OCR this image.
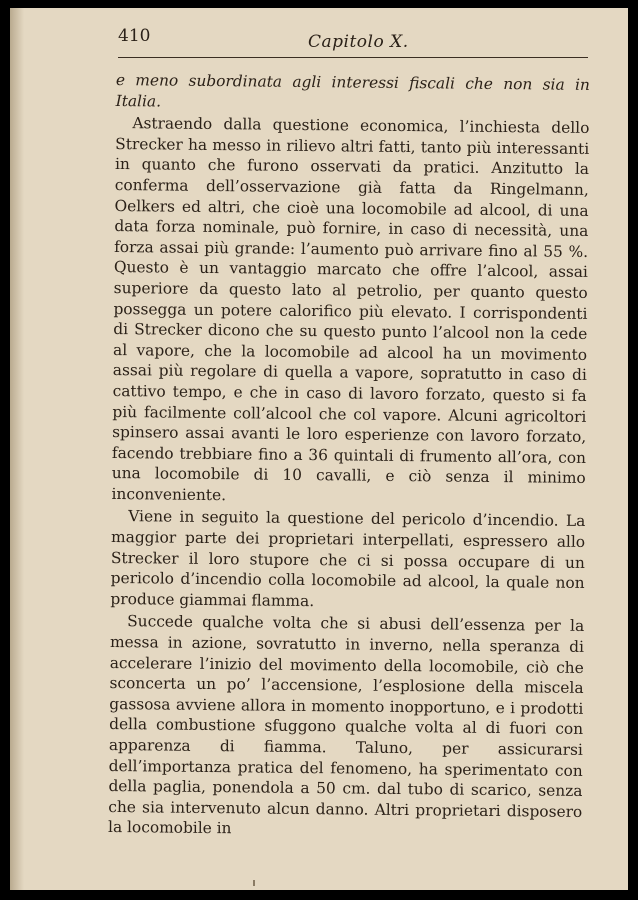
410	Capitolo X.

e meno subordinata agli interessi fiscali che non sia in Italia.

Astraendo dalla questione economica, l’inchiesta dello Strecker ha messo in rilievo altri fatti, tanto più interessanti in quanto che furono osservati da pratici. Anzitutto la conferma dell’osservazione già fatta da Ringelmann, Oelkers ed altri, che cioè una locomobile ad alcool, di una data forza nominale, può fornire, in caso di necessità, una forza assai più grande: l’aumento può arrivare fino al 55 %. Questo è un vantaggio marcato che offre l’alcool, assai superiore da questo lato al petrolio, per quanto questo possegga un potere calorifico più elevato. I corrispondenti di Strecker dicono che su questo punto l’alcool non la cede al vapore, che la locomobile ad alcool ha un movimento assai più regolare di quella a vapore, sopratutto in caso di cattivo tempo, e che in caso di lavoro forzato, questo si fa più facilmente coll’alcool che col vapore. Alcuni agricoltori spinsero assai avanti le loro esperienze con lavoro forzato, facendo trebbiare fino a 36 quintali di frumento all’ora, con una locomobile di 10 cavalli, e ciò senza il minimo inconveniente.

Viene in seguito la questione del pericolo d’incendio. La maggior parte dei proprietari interpellati, espressero allo Strecker il loro stupore che ci si possa occupare di un pericolo d’incendio colla locomobile ad alcool, la quale non produce giammai flamma.

Succede qualche volta che si abusi dell’essenza per la messa in azione, sovratutto in inverno, nella speranza di accelerare l’inizio del movimento della locomobile, ciò che sconcerta un po’ l’accensione, l’esplosione della miscela gassosa avviene allora in momento inopportuno, e i prodotti della combustione sfuggono qualche volta al di fuori con apparenza di fiamma. Taluno, per assicurarsi dell’importanza pratica del fenomeno, ha sperimentato con della paglia, ponendola a 50 cm. dal tubo di scarico, senza che sia intervenuto alcun danno. Altri proprietari disposero la locomobile in
